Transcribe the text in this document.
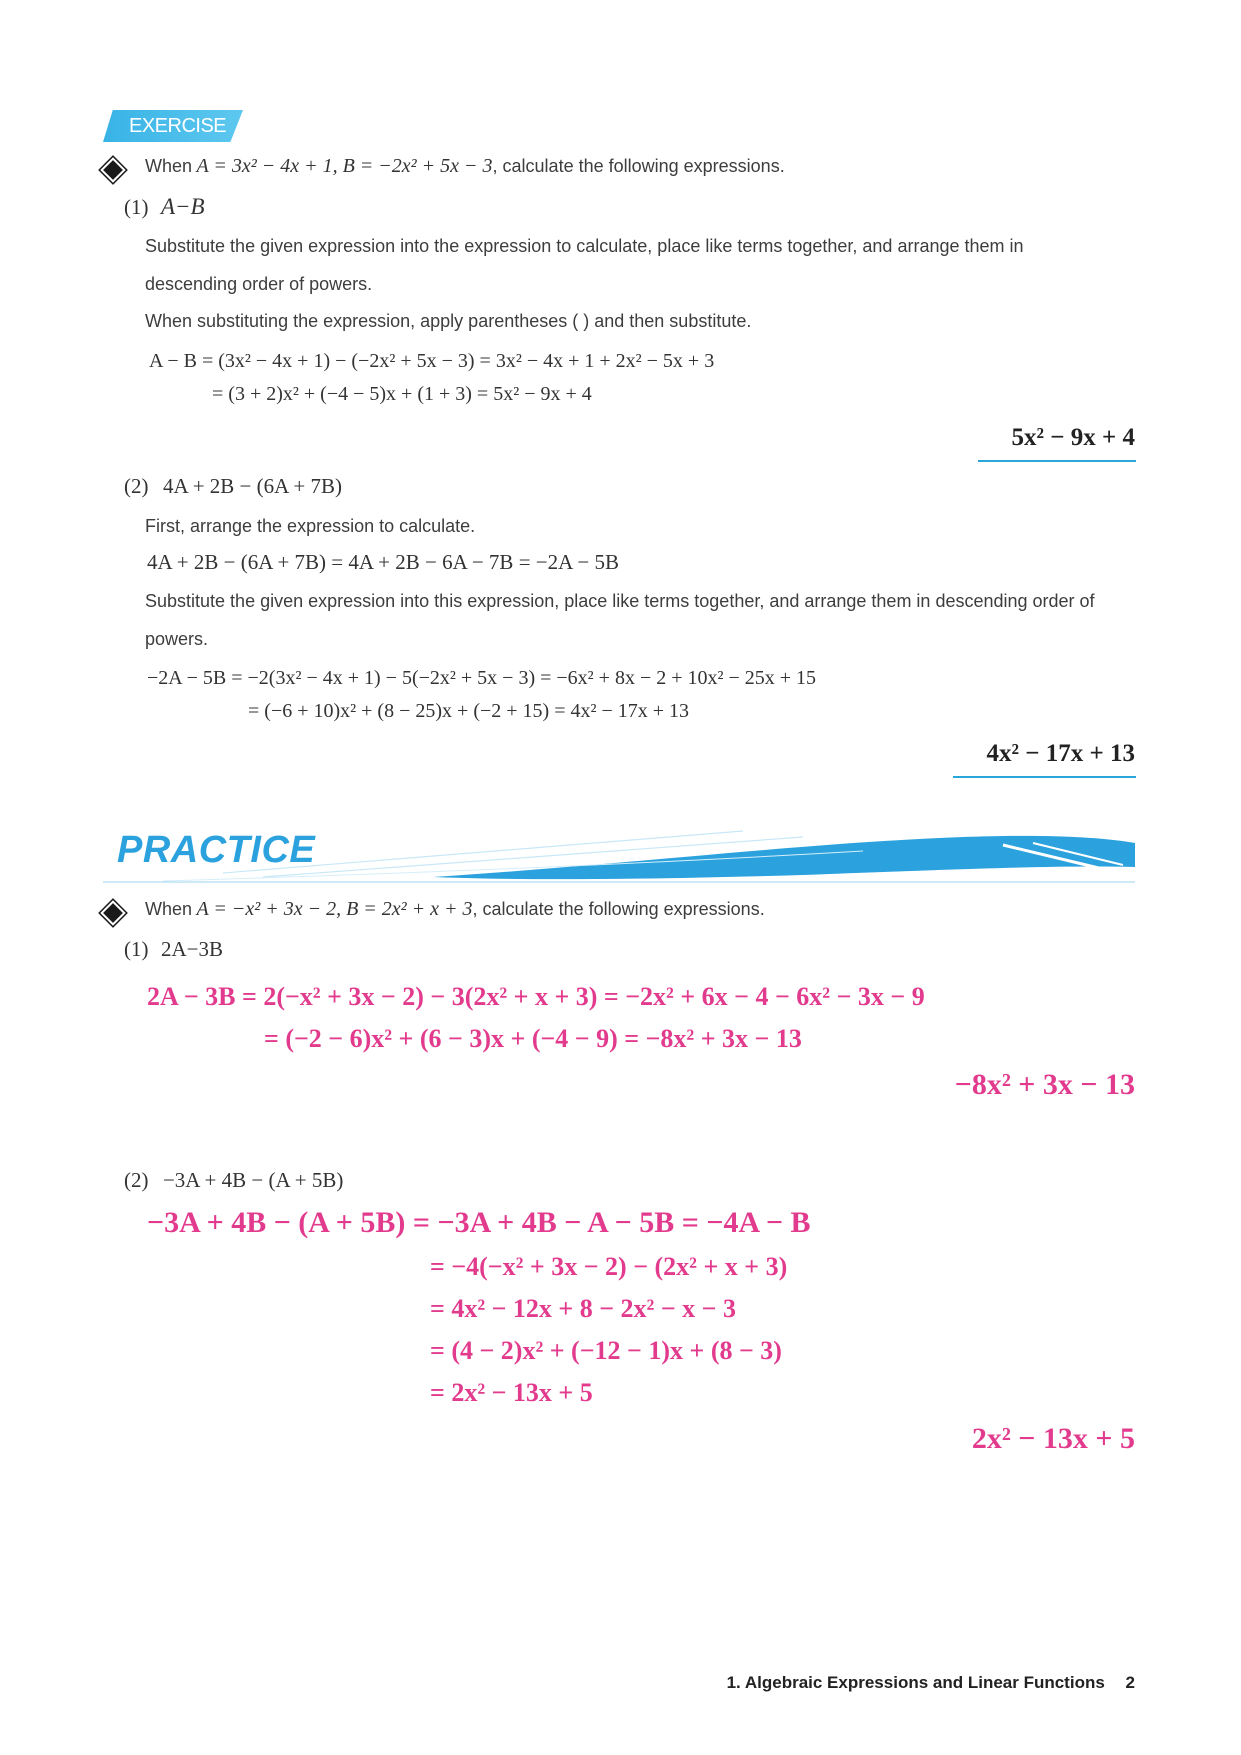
EXERCISE
When A = 3x² − 4x + 1, B = −2x² + 5x − 3, calculate the following expressions.
(1) A−B
Substitute the given expression into the expression to calculate, place like terms together, and arrange them in
descending order of powers.
When substituting the expression, apply parentheses ( ) and then substitute.
A − B = (3x² − 4x + 1) − (−2x² + 5x − 3) = 3x² − 4x + 1 + 2x² − 5x + 3
= (3 + 2)x² + (−4 − 5)x + (1 + 3) = 5x² − 9x + 4
5x² − 9x + 4
(2) 4A + 2B − (6A + 7B)
First, arrange the expression to calculate.
4A + 2B − (6A + 7B) = 4A + 2B − 6A − 7B = −2A − 5B
Substitute the given expression into this expression, place like terms together, and arrange them in descending order of
powers.
−2A − 5B = −2(3x² − 4x + 1) − 5(−2x² + 5x − 3) = −6x² + 8x − 2 + 10x² − 25x + 15
= (−6 + 10)x² + (8 − 25)x + (−2 + 15) = 4x² − 17x + 13
4x² − 17x + 13
PRACTICE
When A = −x² + 3x − 2, B = 2x² + x + 3, calculate the following expressions.
(1) 2A−3B
2A − 3B = 2(−x² + 3x − 2) − 3(2x² + x + 3) = −2x² + 6x − 4 − 6x² − 3x − 9
= (−2 − 6)x² + (6 − 3)x + (−4 − 9) = −8x² + 3x − 13
−8x² + 3x − 13
(2) −3A + 4B − (A + 5B)
−3A + 4B − (A + 5B) = −3A + 4B − A − 5B = −4A − B
= −4(−x² + 3x − 2) − (2x² + x + 3)
= 4x² − 12x + 8 − 2x² − x − 3
= (4 − 2)x² + (−12 − 1)x + (8 − 3)
= 2x² − 13x + 5
2x² − 13x + 5
1. Algebraic Expressions and Linear Functions 2
